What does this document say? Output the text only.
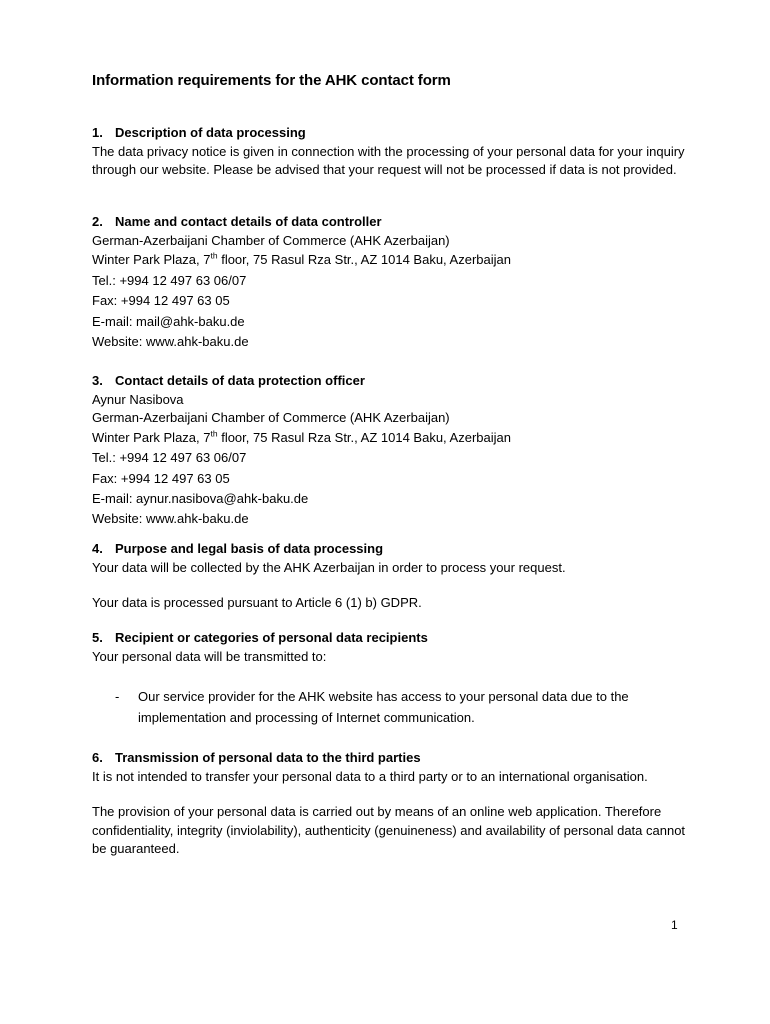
Information requirements for the AHK contact form
1. Description of data processing
The data privacy notice is given in connection with the processing of your personal data for your inquiry through our website. Please be advised that your request will not be processed if data is not provided.
2. Name and contact details of data controller
German-Azerbaijani Chamber of Commerce (AHK Azerbaijan)
Winter Park Plaza, 7th floor, 75 Rasul Rza Str., AZ 1014 Baku, Azerbaijan
Tel.: +994 12 497 63 06/07
Fax: +994 12 497 63 05
E-mail: mail@ahk-baku.de
Website: www.ahk-baku.de
3. Contact details of data protection officer
Aynur Nasibova
German-Azerbaijani Chamber of Commerce (AHK Azerbaijan)
Winter Park Plaza, 7th floor, 75 Rasul Rza Str., AZ 1014 Baku, Azerbaijan
Tel.: +994 12 497 63 06/07
Fax: +994 12 497 63 05
E-mail: aynur.nasibova@ahk-baku.de
Website: www.ahk-baku.de
4. Purpose and legal basis of data processing
Your data will be collected by the AHK Azerbaijan in order to process your request.
Your data is processed pursuant to Article 6 (1) b) GDPR.
5. Recipient or categories of personal data recipients
Your personal data will be transmitted to:
- Our service provider for the AHK website has access to your personal data due to the
implementation and processing of Internet communication.
6. Transmission of personal data to the third parties
It is not intended to transfer your personal data to a third party or to an international organisation.
The provision of your personal data is carried out by means of an online web application. Therefore confidentiality, integrity (inviolability), authenticity (genuineness) and availability of personal data cannot be guaranteed.
1
